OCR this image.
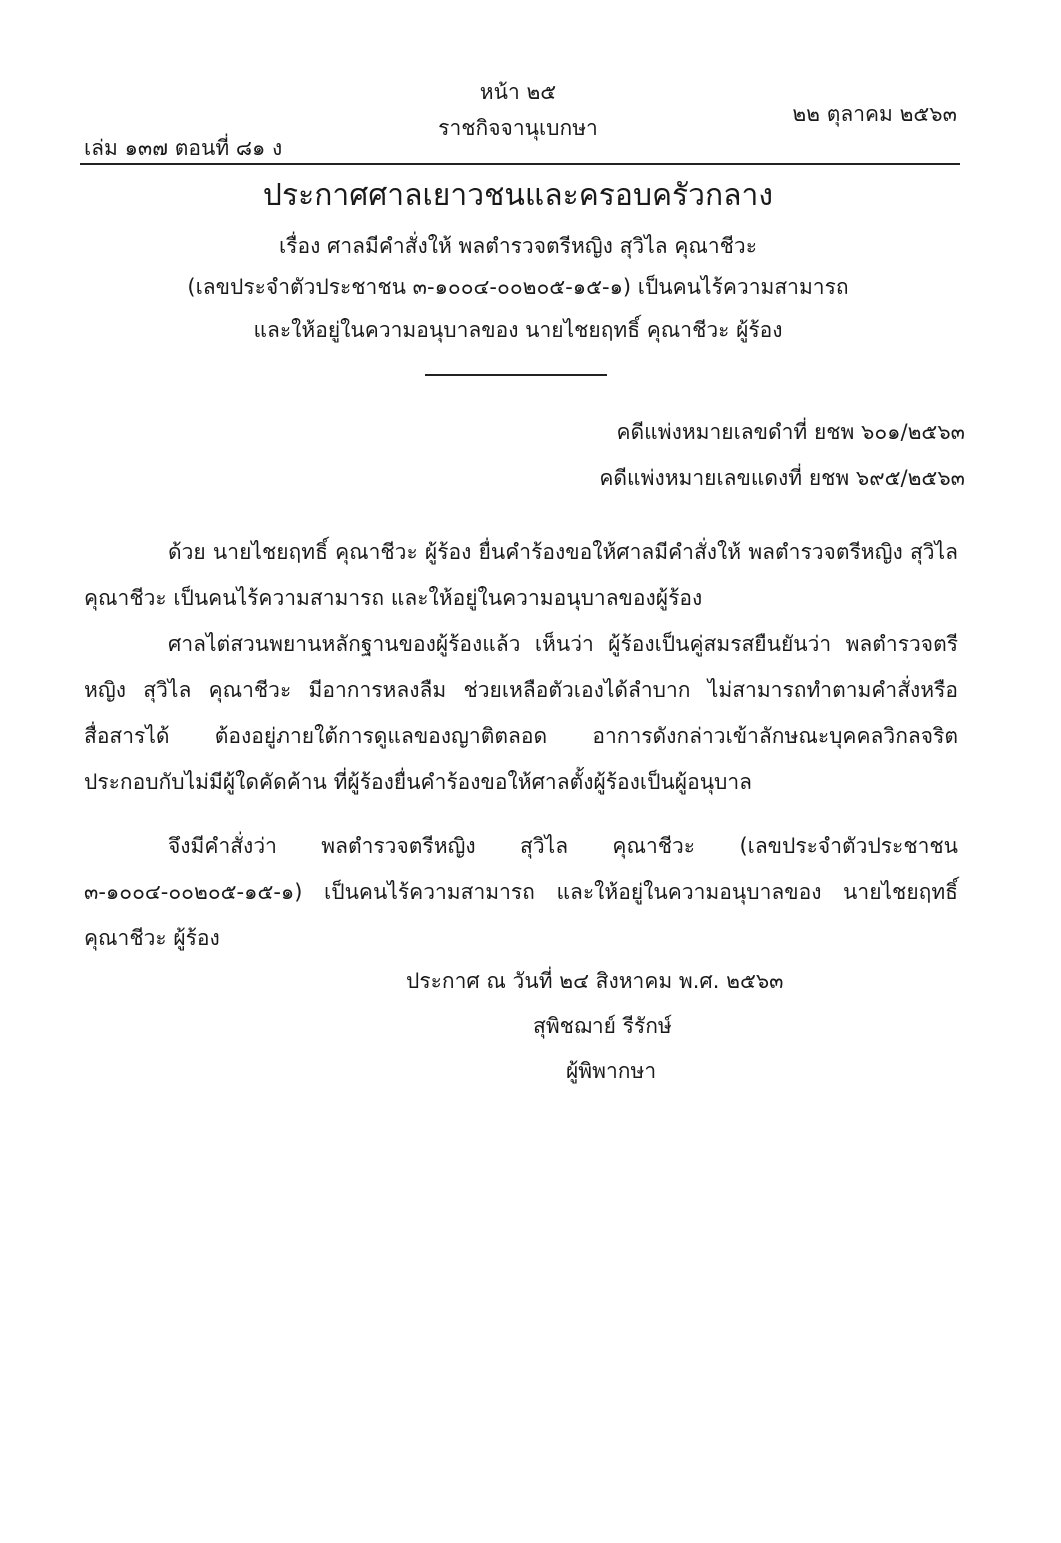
หน้า ๒๕
ราชกิจจานุเบกษา
เล่ม ๑๓๗ ตอนที่ ๘๑ ง
๒๒ ตุลาคม ๒๕๖๓
ประกาศศาลเยาวชนและครอบครัวกลาง
เรื่อง ศาลมีคำสั่งให้ พลตำรวจตรีหญิง สุวิไล คุณาชีวะ
(เลขประจำตัวประชาชน ๓-๑๐๐๔-๐๐๒๐๕-๑๕-๑) เป็นคนไร้ความสามารถ
และให้อยู่ในความอนุบาลของ นายไชยฤทธิ์ คุณาชีวะ ผู้ร้อง
คดีแพ่งหมายเลขดำที่ ยชพ ๖๐๑/๒๕๖๓
คดีแพ่งหมายเลขแดงที่ ยชพ ๖๙๕/๒๕๖๓
ด้วย นายไชยฤทธิ์ คุณาชีวะ ผู้ร้อง ยื่นคำร้องขอให้ศาลมีคำสั่งให้ พลตำรวจตรีหญิง สุวิไล คุณาชีวะ เป็นคนไร้ความสามารถ และให้อยู่ในความอนุบาลของผู้ร้อง
ศาลไต่สวนพยานหลักฐานของผู้ร้องแล้ว เห็นว่า ผู้ร้องเป็นคู่สมรสยืนยันว่า พลตำรวจตรีหญิง สุวิไล คุณาชีวะ มีอาการหลงลืม ช่วยเหลือตัวเองได้ลำบาก ไม่สามารถทำตามคำสั่งหรือสื่อสารได้ ต้องอยู่ภายใต้การดูแลของญาติตลอด อาการดังกล่าวเข้าลักษณะบุคคลวิกลจริต ประกอบกับไม่มีผู้ใดคัดค้าน ที่ผู้ร้องยื่นคำร้องขอให้ศาลตั้งผู้ร้องเป็นผู้อนุบาล
จึงมีคำสั่งว่า พลตำรวจตรีหญิง สุวิไล คุณาชีวะ (เลขประจำตัวประชาชน ๓-๑๐๐๔-๐๐๒๐๕-๑๕-๑) เป็นคนไร้ความสามารถ และให้อยู่ในความอนุบาลของ นายไชยฤทธิ์ คุณาชีวะ ผู้ร้อง
ประกาศ ณ วันที่ ๒๔ สิงหาคม พ.ศ. ๒๕๖๓
สุพิชฌาย์ รีรักษ์
ผู้พิพากษา
